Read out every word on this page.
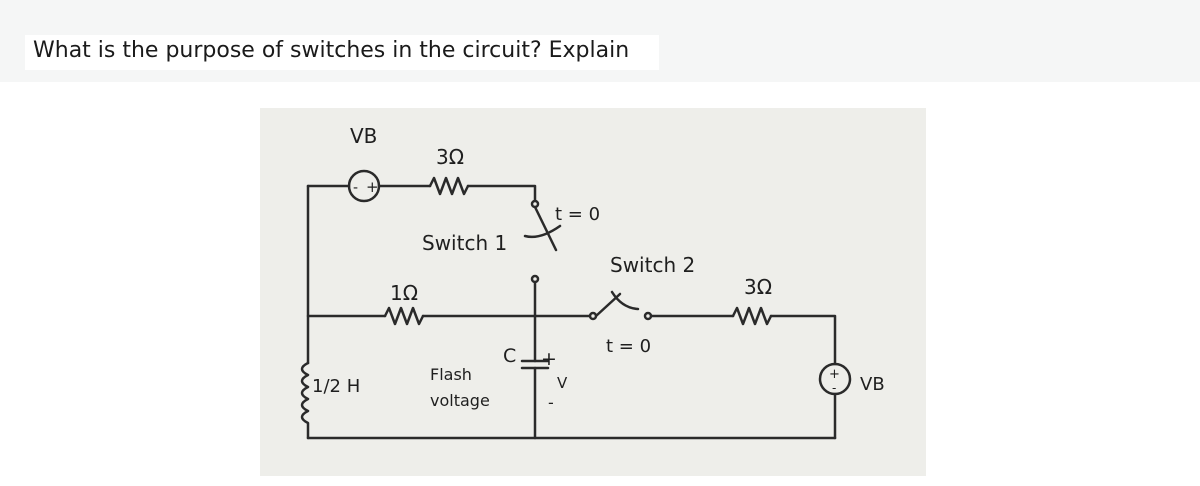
What is the purpose of switches in the circuit? Explain
VB
- +
3Ω
t = 0
Switch 1
Switch 2
3Ω
1Ω
t = 0
1/2 H
Flash
voltage
C +
V
-
+
- VB
